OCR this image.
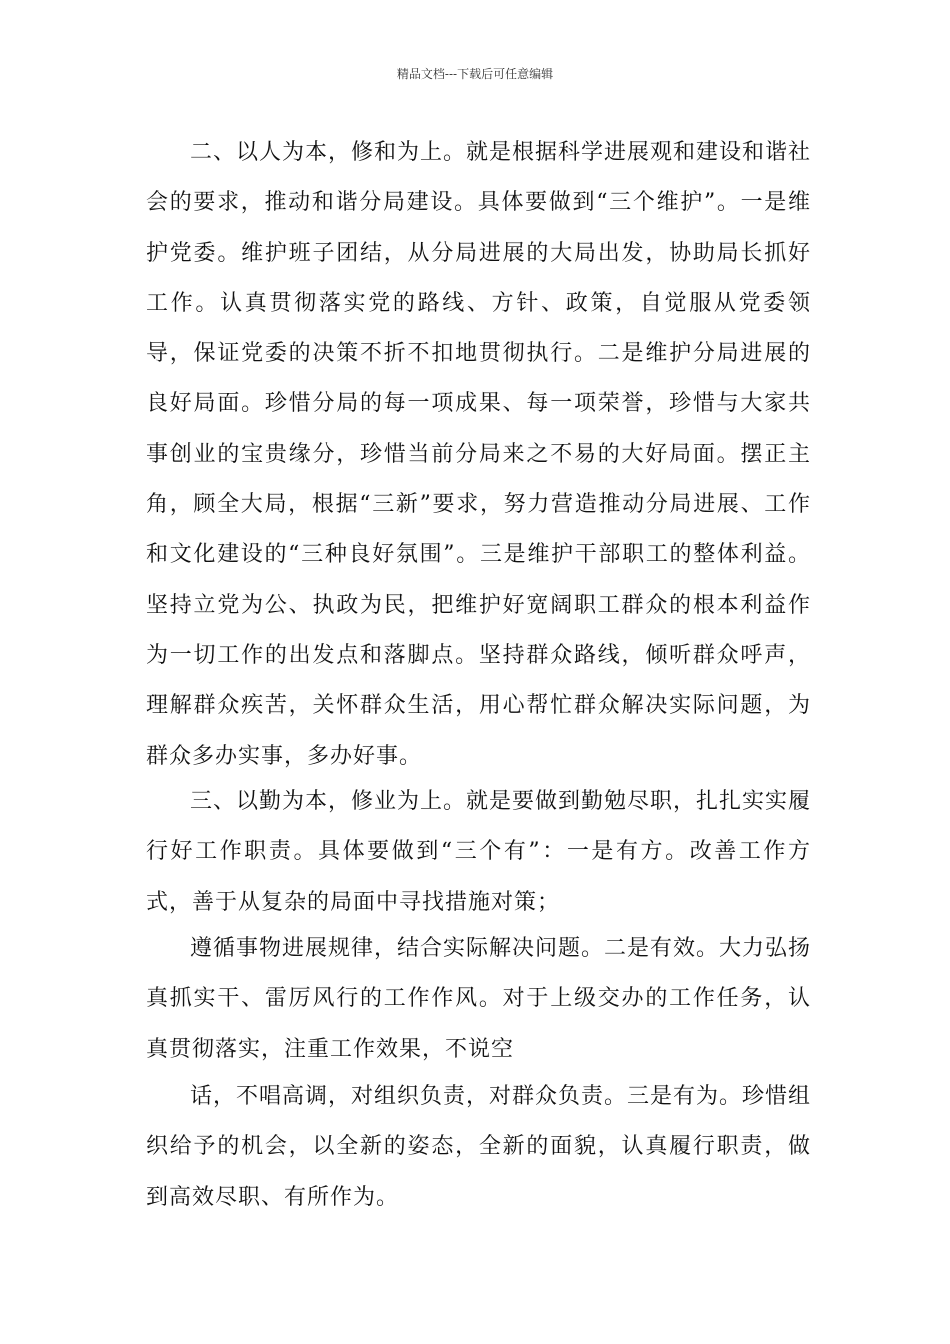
精品文档---下载后可任意编辑

二、以人为本，修和为上。就是根据科学进展观和建设和谐社会的要求，推动和谐分局建设。具体要做到“三个维护”。一是维护党委。维护班子团结，从分局进展的大局出发，协助局长抓好工作。认真贯彻落实党的路线、方针、政策，自觉服从党委领导，保证党委的决策不折不扣地贯彻执行。二是维护分局进展的良好局面。珍惜分局的每一项成果、每一项荣誉，珍惜与大家共事创业的宝贵缘分，珍惜当前分局来之不易的大好局面。摆正主角，顾全大局，根据“三新”要求，努力营造推动分局进展、工作和文化建设的“三种良好氛围”。三是维护干部职工的整体利益。坚持立党为公、执政为民，把维护好宽阔职工群众的根本利益作为一切工作的出发点和落脚点。坚持群众路线，倾听群众呼声，理解群众疾苦，关怀群众生活，用心帮忙群众解决实际问题，为群众多办实事，多办好事。

三、以勤为本，修业为上。就是要做到勤勉尽职，扎扎实实履行好工作职责。具体要做到“三个有”：一是有方。改善工作方式，善于从复杂的局面中寻找措施对策；

遵循事物进展规律，结合实际解决问题。二是有效。大力弘扬真抓实干、雷厉风行的工作作风。对于上级交办的工作任务，认真贯彻落实，注重工作效果，不说空

话，不唱高调，对组织负责，对群众负责。三是有为。珍惜组织给予的机会，以全新的姿态，全新的面貌，认真履行职责，做到高效尽职、有所作为。
